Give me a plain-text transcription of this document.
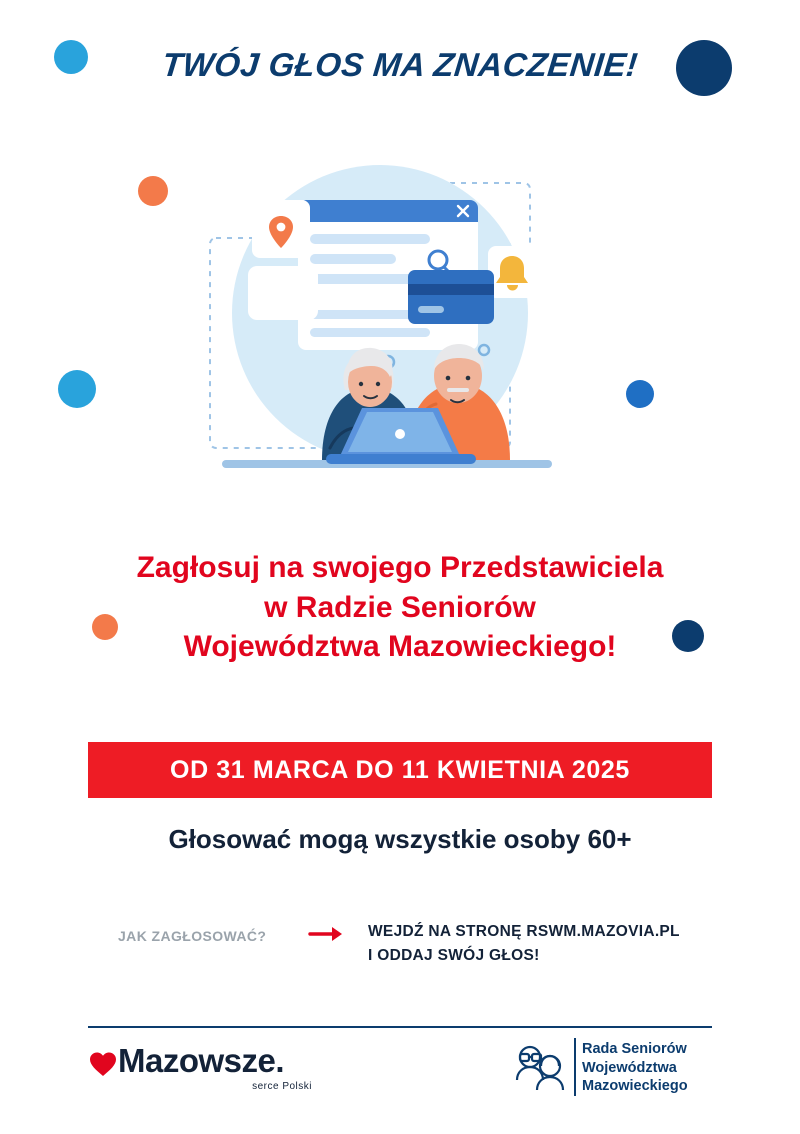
TWÓJ GŁOS MA ZNACZENIE!
Zagłosuj na swojego Przedstawiciela
w Radzie Seniorów
Województwa Mazowieckiego!
OD 31 MARCA DO 11 KWIETNIA 2025
Głosować mogą wszystkie osoby 60+
JAK ZAGŁOSOWAĆ?	WEJDŹ NA STRONĘ RSWM.MAZOVIA.PL
I ODDAJ SWÓJ GŁOS!
Mazowsze.
serce Polski
Rada Seniorów
Województwa
Mazowieckiego
